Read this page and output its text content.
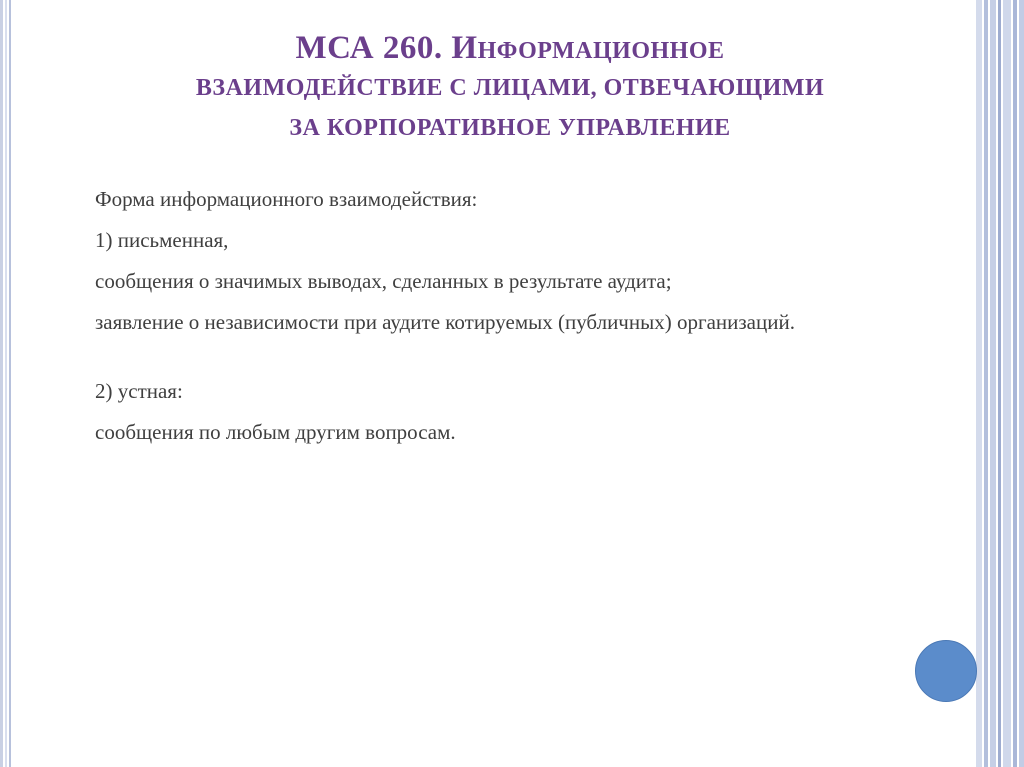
МСА 260. ИНФОРМАЦИОННОЕ
ВЗАИМОДЕЙСТВИЕ С ЛИЦАМИ, ОТВЕЧАЮЩИМИ
ЗА КОРПОРАТИВНОЕ УПРАВЛЕНИЕ

Форма информационного взаимодействия:

1) письменная,

сообщения о значимых выводах, сделанных в результате аудита;

заявление о независимости при аудите котируемых (публичных) организаций.

2) устная:

сообщения по любым другим вопросам.
